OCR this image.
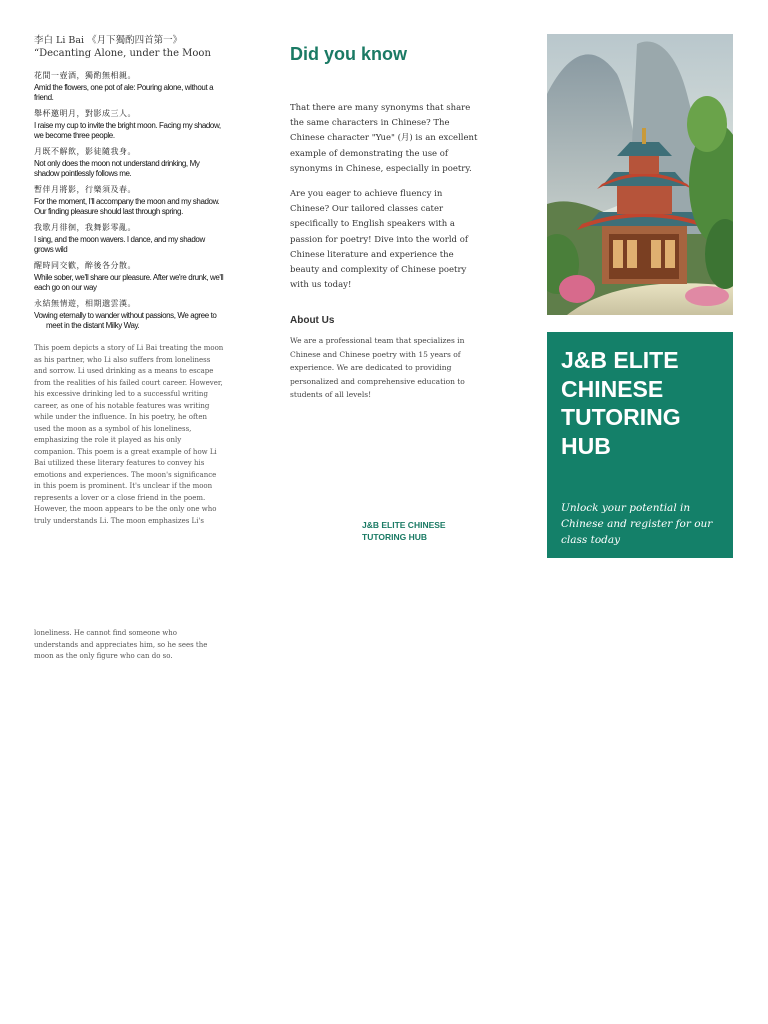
李白 Li Bai 《月下獨酌四首第一》
“Decanting Alone, under the Moon

花間一壺酒，獨酌無相親。

Amid the flowers, one pot of ale: Pouring alone, without a friend.

舉杯邀明月，對影成三人。

I raise my cup to invite the bright moon. Facing my shadow, we become three people.

月既不解飲，影徒隨我身。

Not only does the moon not understand drinking, My shadow pointlessly follows me.

暫伴月將影，行樂須及春。

For the moment, I'll accompany the moon and my shadow. Our finding pleasure should last through spring.

我歌月徘徊，我舞影零亂。

I sing, and the moon wavers. I dance, and my shadow grows wild

醒時同交歡，醉後各分散。

While sober, we'll share our pleasure. After we're drunk, we'll each go on our way

永結無情遊，相期邈雲漢。

Vowing eternally to wander without passions, We agree to meet in the distant Milky Way.

This poem depicts a story of Li Bai treating the moon as his partner, who Li also suffers from loneliness and sorrow. Li used drinking as a means to escape from the realities of his failed court career. However, his excessive drinking led to a successful writing career, as one of his notable features was writing while under the influence. In his poetry, he often used the moon as a symbol of his loneliness, emphasizing the role it played as his only companion. This poem is a great example of how Li Bai utilized these literary features to convey his emotions and experiences. The moon's significance in this poem is prominent. It's unclear if the moon represents a lover or a close friend in the poem. However, the moon appears to be the only one who truly understands Li. The moon emphasizes Li's

loneliness. He cannot find someone who understands and appreciates him, so he sees the moon as the only figure who can do so.

Did you know

That there are many synonyms that share the same characters in Chinese? The Chinese character "Yue" (月) is an excellent example of demonstrating the use of synonyms in Chinese, especially in poetry.

Are you eager to achieve fluency in Chinese? Our tailored classes cater specifically to English speakers with a passion for poetry! Dive into the world of Chinese literature and experience the beauty and complexity of Chinese poetry with us today!

About Us

We are a professional team that specializes in Chinese and Chinese poetry with 15 years of experience. We are dedicated to providing personalized and comprehensive education to students of all levels!

J&B ELITE CHINESE TUTORING HUB
J&B ELITE CHINESE TUTORING HUB

Unlock your potential in Chinese and register for our class today
